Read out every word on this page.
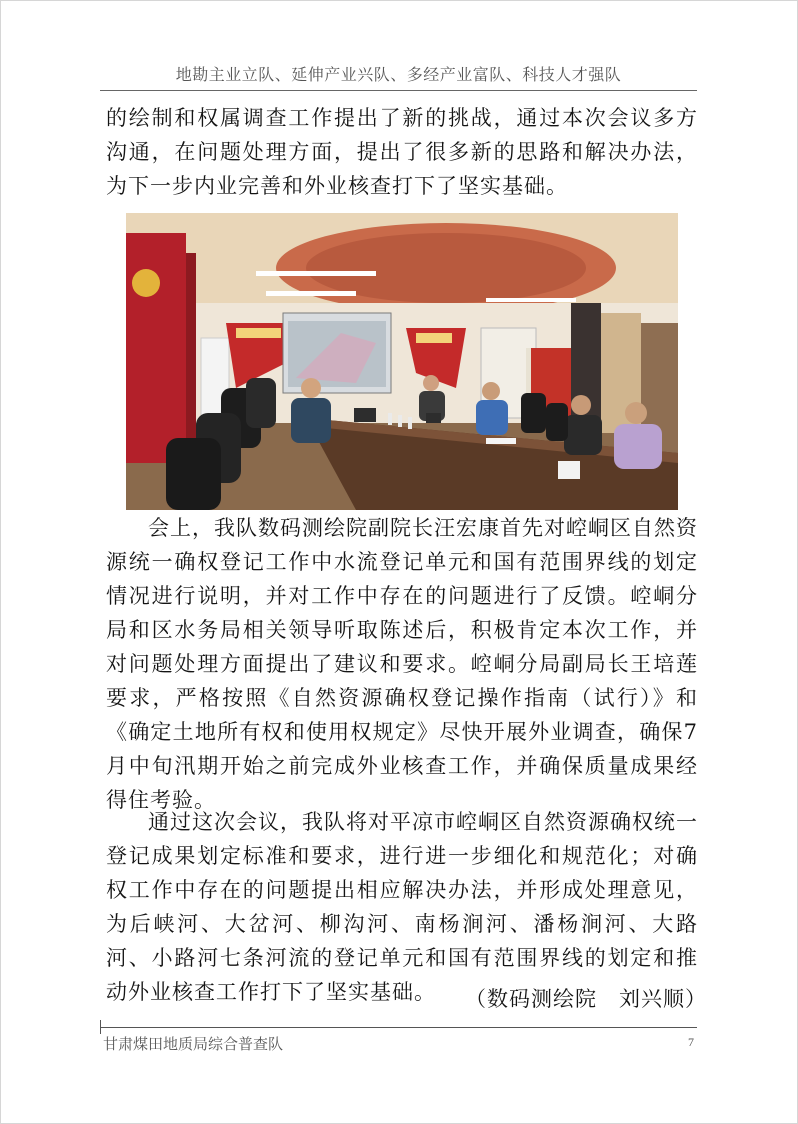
地勘主业立队、延伸产业兴队、多经产业富队、科技人才强队

的绘制和权属调查工作提出了新的挑战，通过本次会议多方沟通，在问题处理方面，提出了很多新的思路和解决办法，为下一步内业完善和外业核查打下了坚实基础。

会上，我队数码测绘院副院长汪宏康首先对崆峒区自然资源统一确权登记工作中水流登记单元和国有范围界线的划定情况进行说明，并对工作中存在的问题进行了反馈。崆峒分局和区水务局相关领导听取陈述后，积极肯定本次工作，并对问题处理方面提出了建议和要求。崆峒分局副局长王培莲要求，严格按照《自然资源确权登记操作指南（试行）》和《确定土地所有权和使用权规定》尽快开展外业调查，确保7月中旬汛期开始之前完成外业核查工作，并确保质量成果经得住考验。

通过这次会议，我队将对平凉市崆峒区自然资源确权统一登记成果划定标准和要求，进行进一步细化和规范化；对确权工作中存在的问题提出相应解决办法，并形成处理意见，为后峡河、大岔河、柳沟河、南杨涧河、潘杨涧河、大路河、小路河七条河流的登记单元和国有范围界线的划定和推动外业核查工作打下了坚实基础。	（数码测绘院　刘兴顺）
甘肃煤田地质局综合普查队	7
